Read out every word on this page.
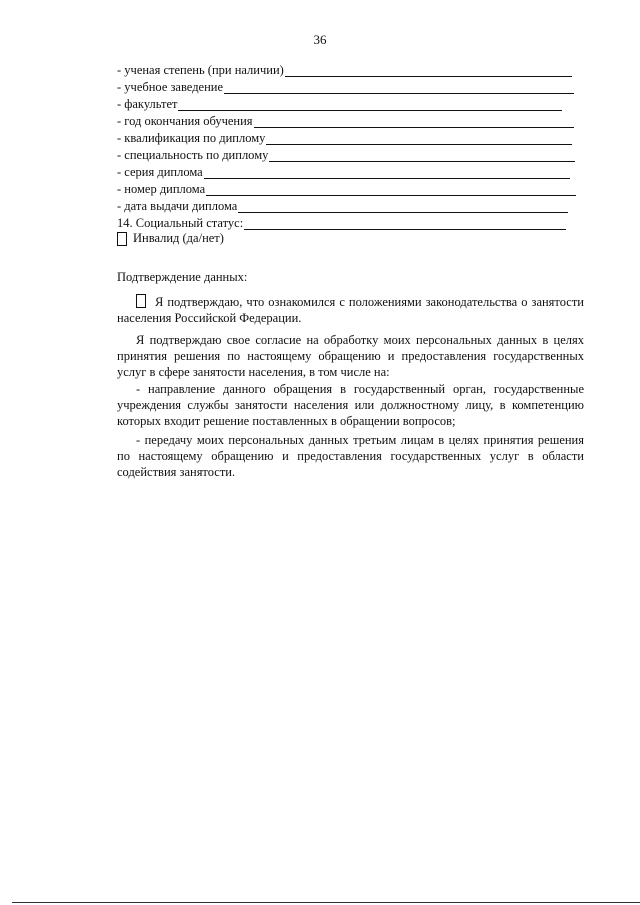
36
- ученая степень (при наличии)
- учебное заведение
- факультет
- год окончания обучения
- квалификация по диплому
- специальность по диплому
- серия диплома
- номер диплома
- дата выдачи диплома
14. Социальный статус:
Инвалид (да/нет)
Подтверждение данных:
Я подтверждаю, что ознакомился с положениями законодательства о занятости населения Российской Федерации.
Я подтверждаю свое согласие на обработку моих персональных данных в целях принятия решения по настоящему обращению и предоставления государственных услуг в сфере занятости населения, в том числе на:
- направление данного обращения в государственный орган, государственные учреждения службы занятости населения или должностному лицу, в компетенцию которых входит решение поставленных в обращении вопросов;
- передачу моих персональных данных третьим лицам в целях принятия решения по настоящему обращению и предоставления государственных услуг в области содействия занятости.
